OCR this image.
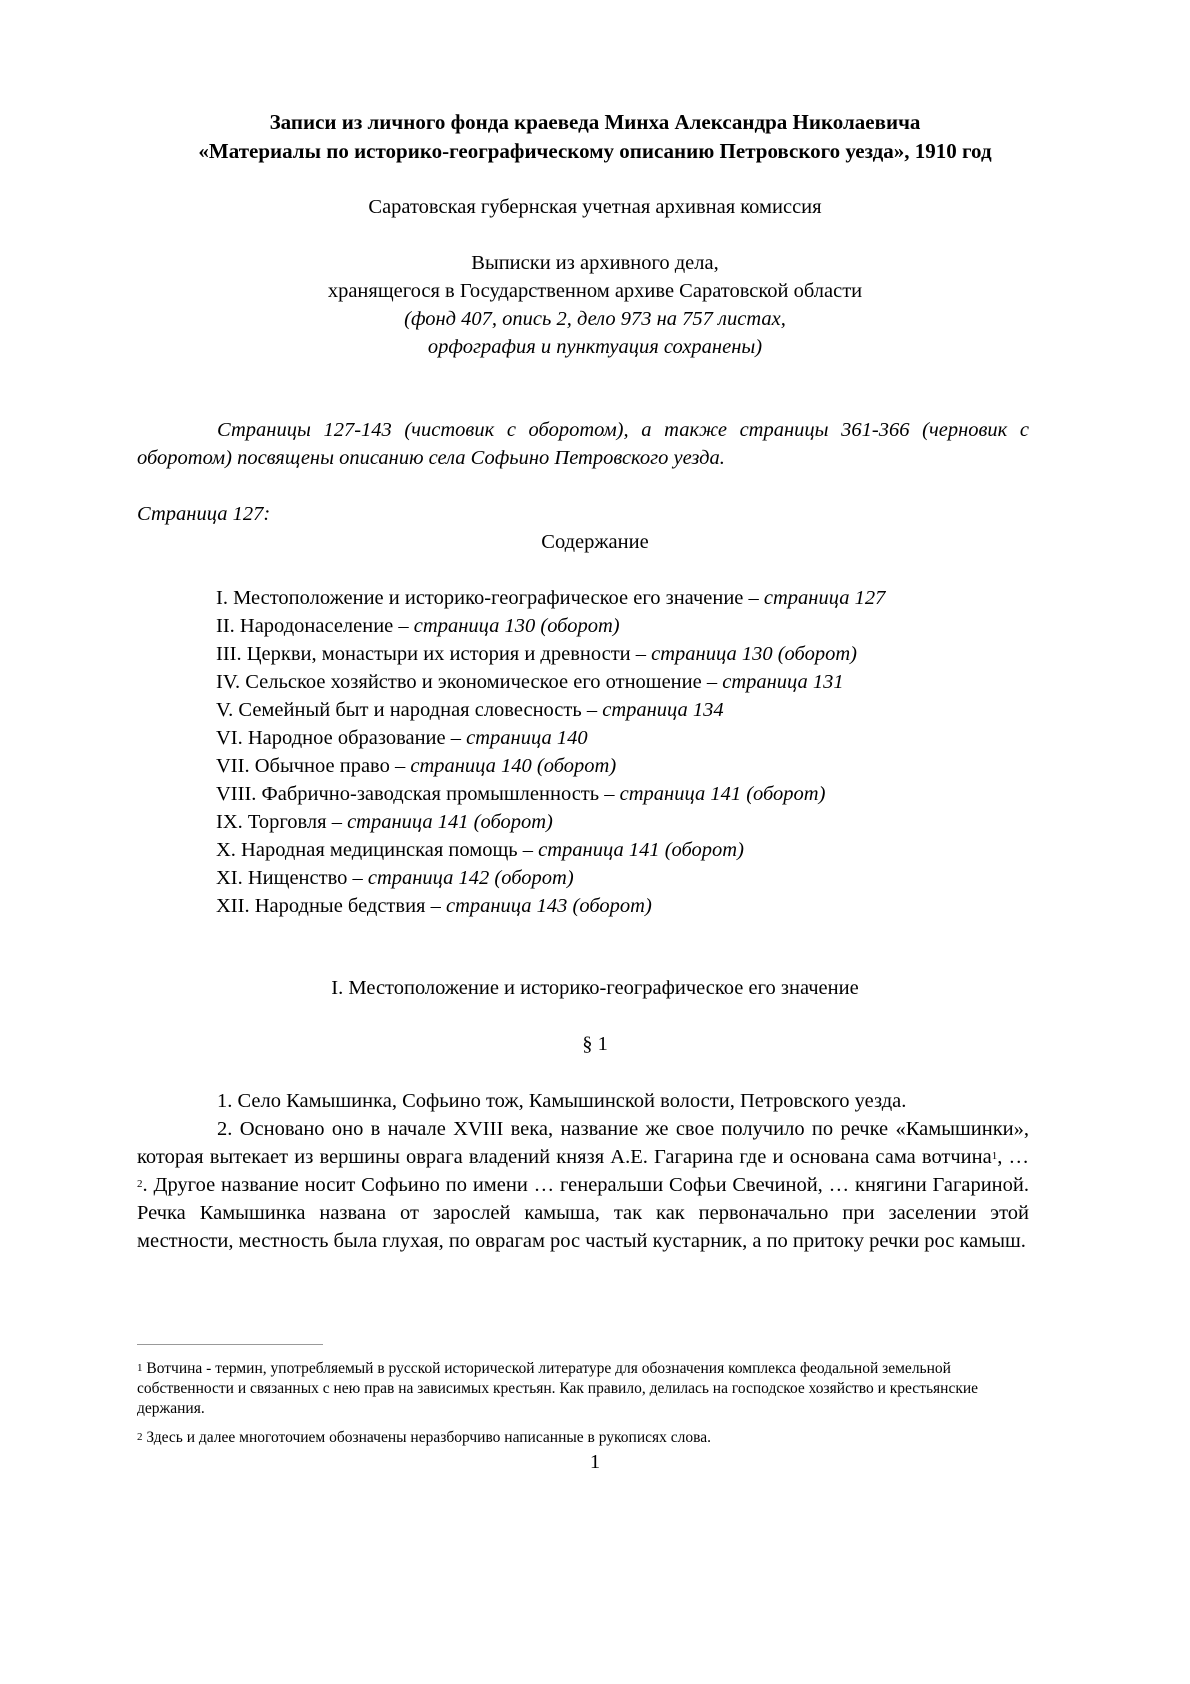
Записи из личного фонда краеведа Минха Александра Николаевича
«Материалы по историко-географическому описанию Петровского уезда», 1910 год
Саратовская губернская учетная архивная комиссия
Выписки из архивного дела,
хранящегося в Государственном архиве Саратовской области
(фонд 407, опись 2, дело 973 на 757 листах,
орфография и пунктуация сохранены)
Страницы 127-143 (чистовик с оборотом), а также страницы 361-366 (черновик с оборотом) посвящены описанию села Софьино Петровского уезда.
Страница 127:
Содержание
I. Местоположение и историко-географическое его значение – страница 127
II. Народонаселение – страница 130 (оборот)
III. Церкви, монастыри их история и древности – страница 130 (оборот)
IV. Сельское хозяйство и экономическое его отношение – страница 131
V. Семейный быт и народная словесность – страница 134
VI. Народное образование – страница 140
VII. Обычное право – страница 140 (оборот)
VIII. Фабрично-заводская промышленность – страница 141 (оборот)
IX. Торговля – страница 141 (оборот)
X. Народная медицинская помощь – страница 141 (оборот)
XI. Нищенство – страница 142 (оборот)
XII. Народные бедствия – страница 143 (оборот)
I. Местоположение и историко-географическое его значение
§ 1
1. Село Камышинка, Софьино тож, Камышинской волости, Петровского уезда.
2. Основано оно в начале XVIII века, название же свое получило по речке «Камышинки», которая вытекает из вершины оврага владений князя А.Е. Гагарина где и основана сама вотчина$^1$, … $^2$. Другое название носит Софьино по имени … генеральши Софьи Свечиной, … княгини Гагариной. Речка Камышинка названа от зарослей камыша, так как первоначально при заселении этой местности, местность была глухая, по оврагам рос частый кустарник, а по притоку речки рос камыш.
$^1$ Вотчина - термин, употребляемый в русской исторической литературе для обозначения комплекса феодальной земельной собственности и связанных с нею прав на зависимых крестьян. Как правило, делилась на господское хозяйство и крестьянские держания.
$^2$ Здесь и далее многоточием обозначены неразборчиво написанные в рукописях слова.
1
